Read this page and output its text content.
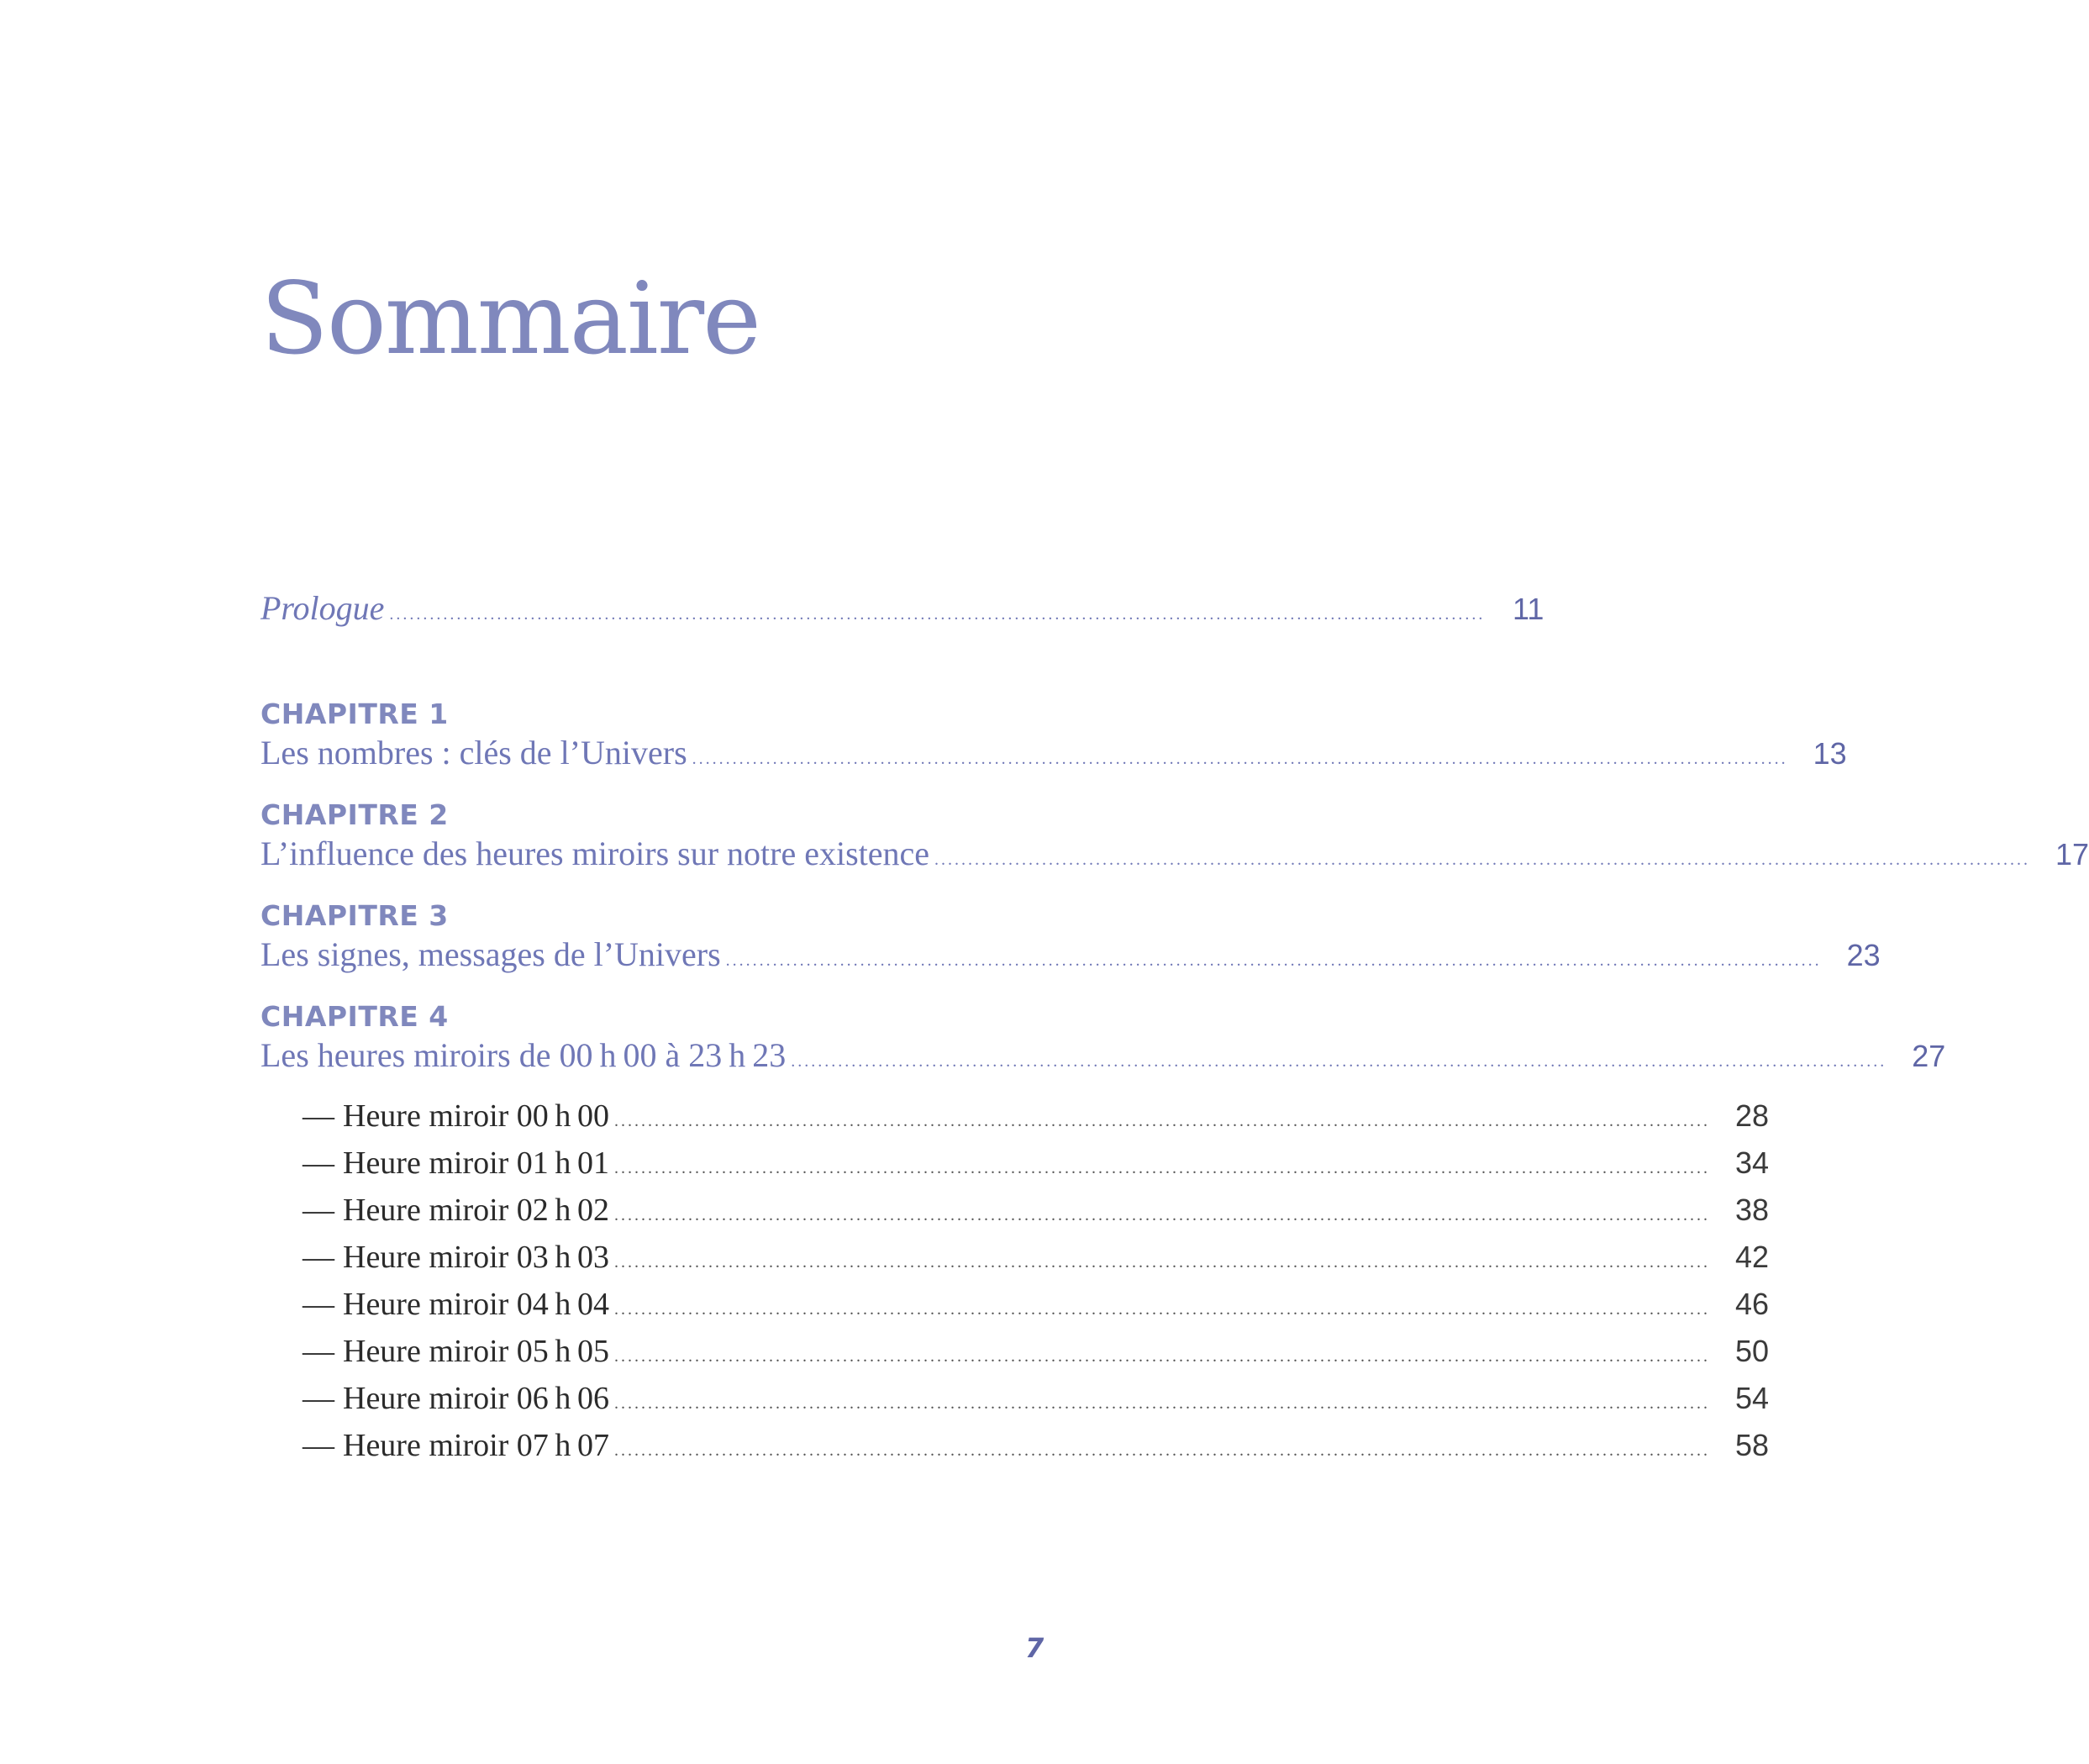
Sommaire
Prologue ................................................................................................................................................................... 11
CHAPITRE 1
Les nombres : clés de l’Univers ................................................................................................................................................................... 13
CHAPITRE 2
L’influence des heures miroirs sur notre existence ................................................................................................................................................................... 17
CHAPITRE 3
Les signes, messages de l’Univers ................................................................................................................................................................... 23
CHAPITRE 4
Les heures miroirs de 00 h 00 à 23 h 23 ................................................................................................................................................................... 27
— Heure miroir 00 h 00 ................................................................................................................................................................... 28
— Heure miroir 01 h 01 ................................................................................................................................................................... 34
— Heure miroir 02 h 02 ................................................................................................................................................................... 38
— Heure miroir 03 h 03 ................................................................................................................................................................... 42
— Heure miroir 04 h 04 ................................................................................................................................................................... 46
— Heure miroir 05 h 05 ................................................................................................................................................................... 50
— Heure miroir 06 h 06 ................................................................................................................................................................... 54
— Heure miroir 07 h 07 ................................................................................................................................................................... 58
7
